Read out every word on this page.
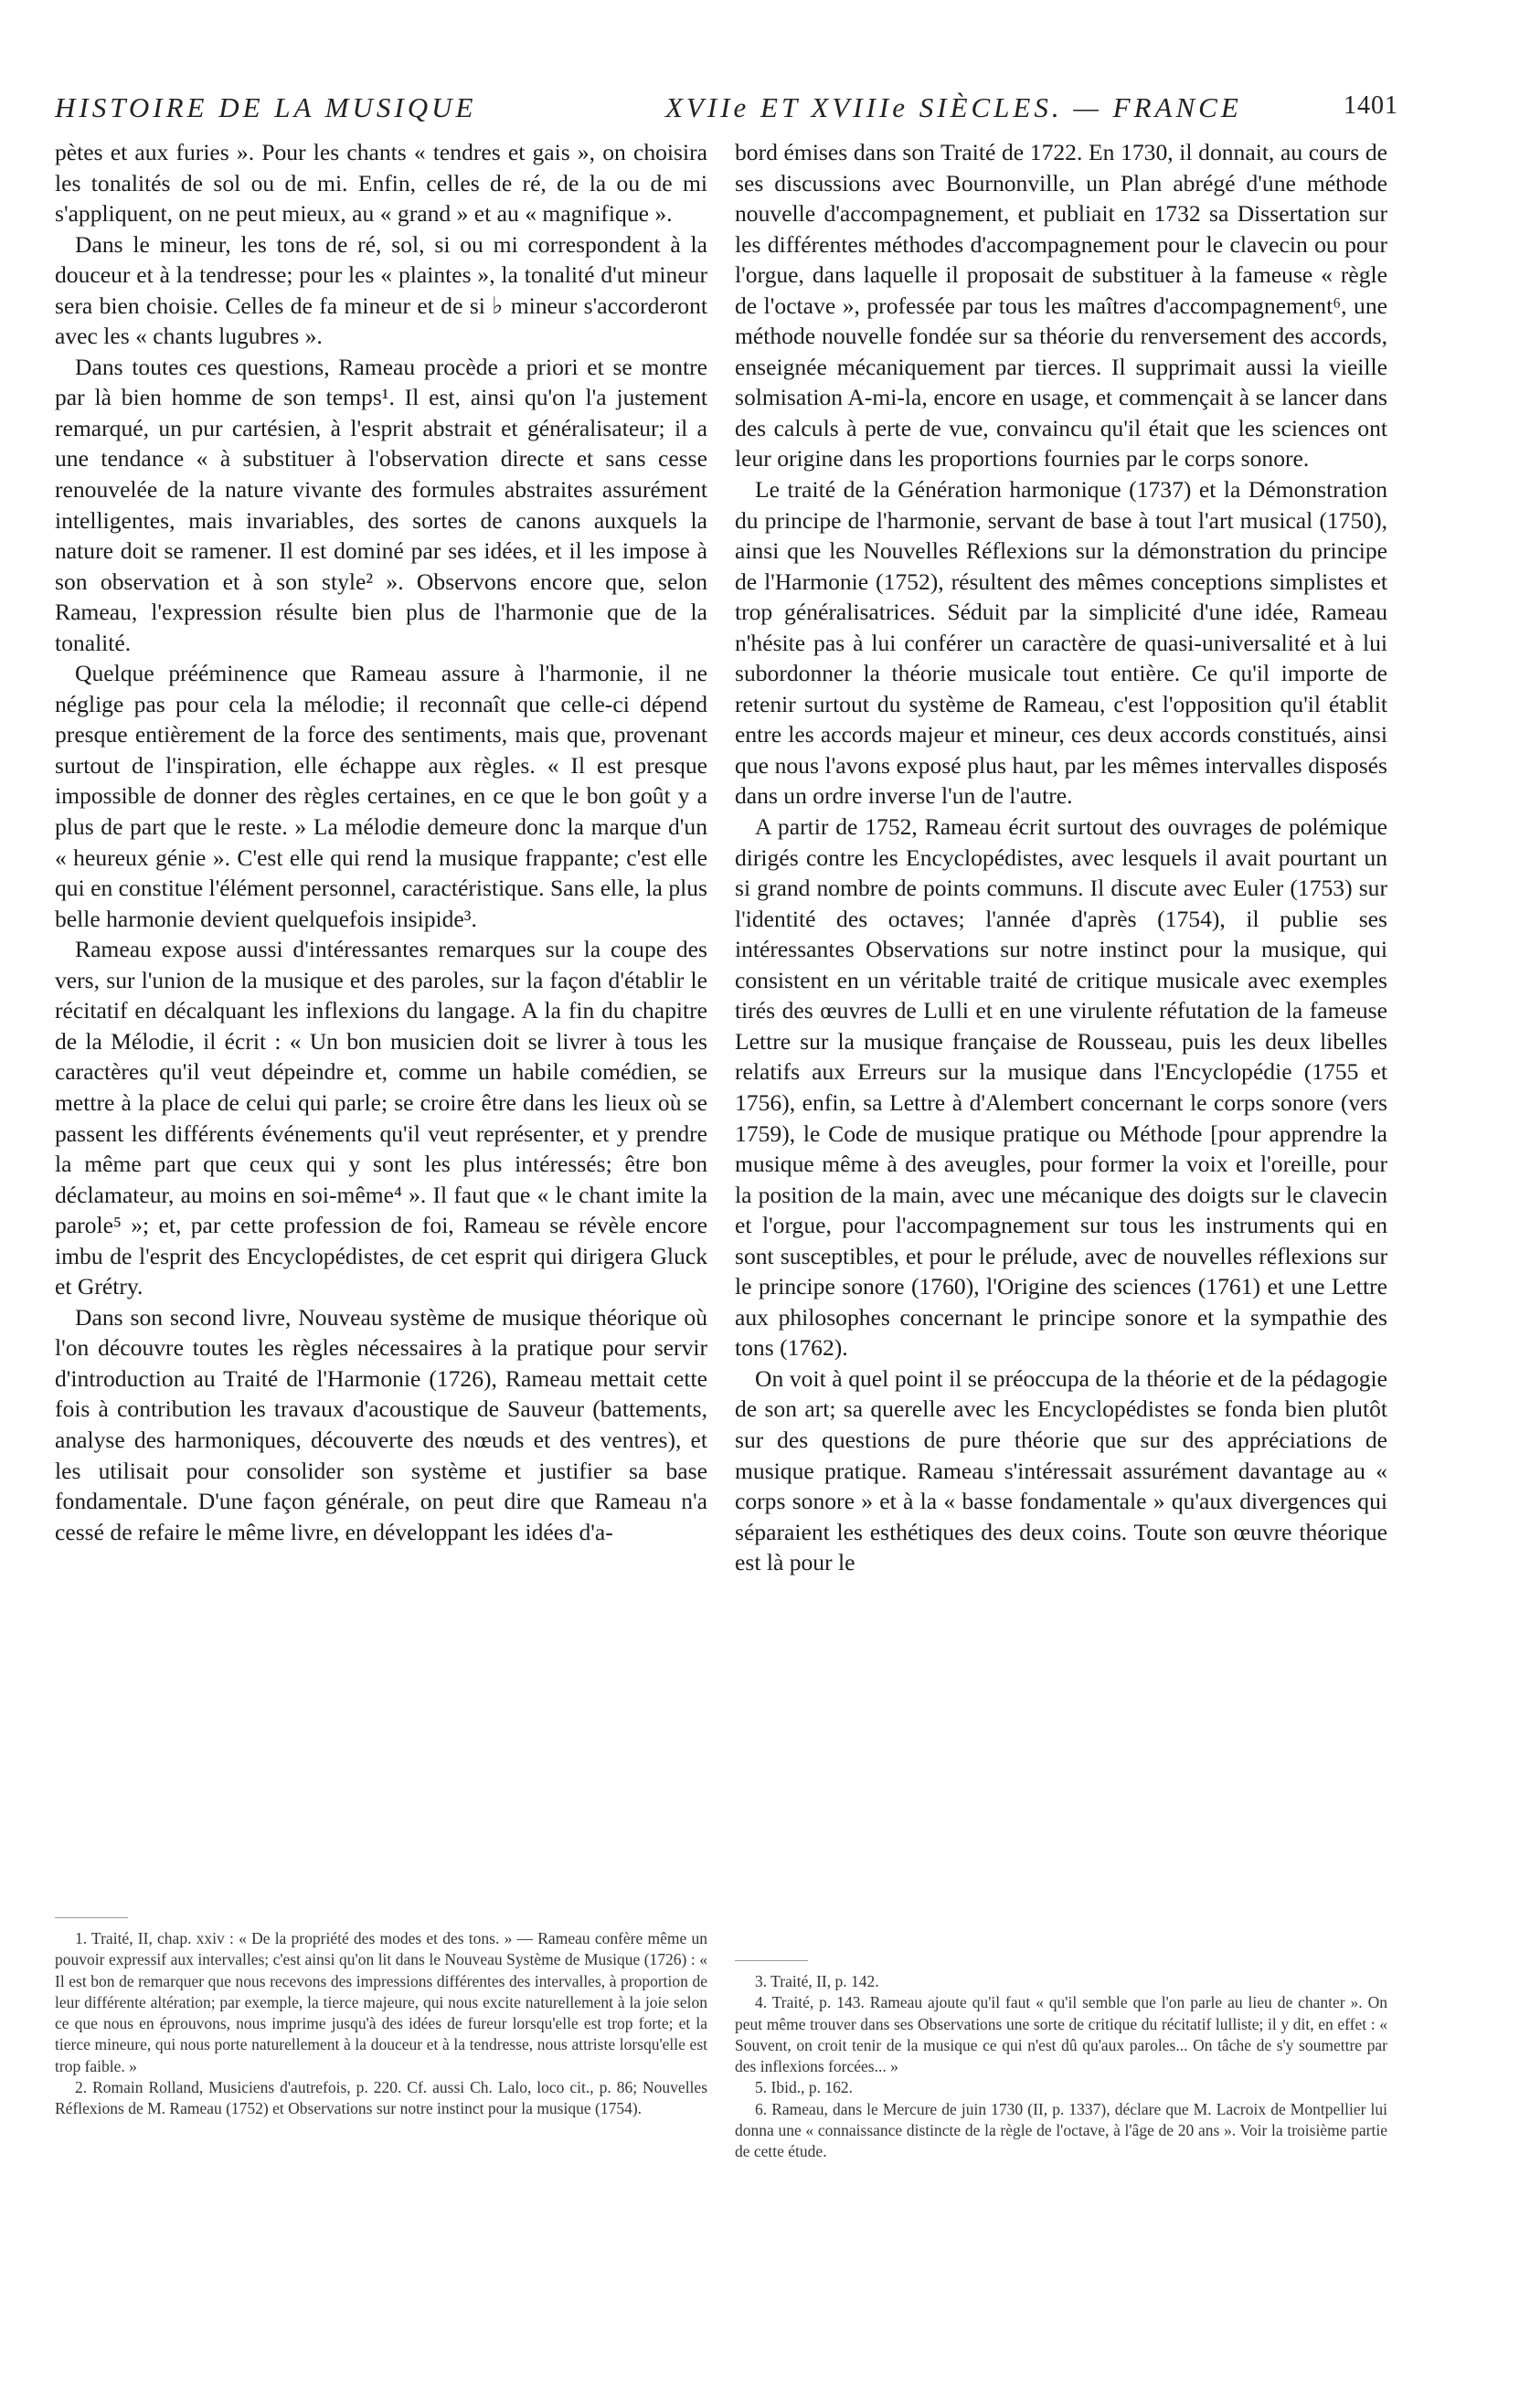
HISTOIRE DE LA MUSIQUE	XVIIe ET XVIIIe SIÈCLES. — FRANCE	1401

pètes et aux furies ». Pour les chants « tendres et gais », on choisira les tonalités de sol ou de mi. Enfin, celles de ré, de la ou de mi s'appliquent, on ne peut mieux, au « grand » et au « magnifique ».

Dans le mineur, les tons de ré, sol, si ou mi correspondent à la douceur et à la tendresse; pour les « plaintes », la tonalité d'ut mineur sera bien choisie. Celles de fa mineur et de si ♭ mineur s'accorderont avec les « chants lugubres ».

Dans toutes ces questions, Rameau procède a priori et se montre par là bien homme de son temps¹. Il est, ainsi qu'on l'a justement remarqué, un pur cartésien, à l'esprit abstrait et généralisateur; il a une tendance « à substituer à l'observation directe et sans cesse renouvelée de la nature vivante des formules abstraites assurément intelligentes, mais invariables, des sortes de canons auxquels la nature doit se ramener. Il est dominé par ses idées, et il les impose à son observation et à son style² ». Observons encore que, selon Rameau, l'expression résulte bien plus de l'harmonie que de la tonalité.

Quelque prééminence que Rameau assure à l'harmonie, il ne néglige pas pour cela la mélodie; il reconnaît que celle-ci dépend presque entièrement de la force des sentiments, mais que, provenant surtout de l'inspiration, elle échappe aux règles. « Il est presque impossible de donner des règles certaines, en ce que le bon goût y a plus de part que le reste. » La mélodie demeure donc la marque d'un « heureux génie ». C'est elle qui rend la musique frappante; c'est elle qui en constitue l'élément personnel, caractéristique. Sans elle, la plus belle harmonie devient quelquefois insipide³.

Rameau expose aussi d'intéressantes remarques sur la coupe des vers, sur l'union de la musique et des paroles, sur la façon d'établir le récitatif en décalquant les inflexions du langage. A la fin du chapitre de la Mélodie, il écrit : « Un bon musicien doit se livrer à tous les caractères qu'il veut dépeindre et, comme un habile comédien, se mettre à la place de celui qui parle; se croire être dans les lieux où se passent les différents événements qu'il veut représenter, et y prendre la même part que ceux qui y sont les plus intéressés; être bon déclamateur, au moins en soi-même⁴ ». Il faut que « le chant imite la parole⁵ »; et, par cette profession de foi, Rameau se révèle encore imbu de l'esprit des Encyclopédistes, de cet esprit qui dirigera Gluck et Grétry.

Dans son second livre, Nouveau système de musique théorique où l'on découvre toutes les règles nécessaires à la pratique pour servir d'introduction au Traité de l'Harmonie (1726), Rameau mettait cette fois à contribution les travaux d'acoustique de Sauveur (battements, analyse des harmoniques, découverte des nœuds et des ventres), et les utilisait pour consolider son système et justifier sa base fondamentale. D'une façon générale, on peut dire que Rameau n'a cessé de refaire le même livre, en développant les idées d'a-

bord émises dans son Traité de 1722. En 1730, il donnait, au cours de ses discussions avec Bournonville, un Plan abrégé d'une méthode nouvelle d'accompagnement, et publiait en 1732 sa Dissertation sur les différentes méthodes d'accompagnement pour le clavecin ou pour l'orgue, dans laquelle il proposait de substituer à la fameuse « règle de l'octave », professée par tous les maîtres d'accompagnement⁶, une méthode nouvelle fondée sur sa théorie du renversement des accords, enseignée mécaniquement par tierces. Il supprimait aussi la vieille solmisation A-mi-la, encore en usage, et commençait à se lancer dans des calculs à perte de vue, convaincu qu'il était que les sciences ont leur origine dans les proportions fournies par le corps sonore.

Le traité de la Génération harmonique (1737) et la Démonstration du principe de l'harmonie, servant de base à tout l'art musical (1750), ainsi que les Nouvelles Réflexions sur la démonstration du principe de l'Harmonie (1752), résultent des mêmes conceptions simplistes et trop généralisatrices. Séduit par la simplicité d'une idée, Rameau n'hésite pas à lui conférer un caractère de quasi-universalité et à lui subordonner la théorie musicale tout entière. Ce qu'il importe de retenir surtout du système de Rameau, c'est l'opposition qu'il établit entre les accords majeur et mineur, ces deux accords constitués, ainsi que nous l'avons exposé plus haut, par les mêmes intervalles disposés dans un ordre inverse l'un de l'autre.

A partir de 1752, Rameau écrit surtout des ouvrages de polémique dirigés contre les Encyclopédistes, avec lesquels il avait pourtant un si grand nombre de points communs. Il discute avec Euler (1753) sur l'identité des octaves; l'année d'après (1754), il publie ses intéressantes Observations sur notre instinct pour la musique, qui consistent en un véritable traité de critique musicale avec exemples tirés des œuvres de Lulli et en une virulente réfutation de la fameuse Lettre sur la musique française de Rousseau, puis les deux libelles relatifs aux Erreurs sur la musique dans l'Encyclopédie (1755 et 1756), enfin, sa Lettre à d'Alembert concernant le corps sonore (vers 1759), le Code de musique pratique ou Méthode [pour apprendre la musique même à des aveugles, pour former la voix et l'oreille, pour la position de la main, avec une mécanique des doigts sur le clavecin et l'orgue, pour l'accompagnement sur tous les instruments qui en sont susceptibles, et pour le prélude, avec de nouvelles réflexions sur le principe sonore (1760), l'Origine des sciences (1761) et une Lettre aux philosophes concernant le principe sonore et la sympathie des tons (1762).

On voit à quel point il se préoccupa de la théorie et de la pédagogie de son art; sa querelle avec les Encyclopédistes se fonda bien plutôt sur des questions de pure théorie que sur des appréciations de musique pratique. Rameau s'intéressait assurément davantage au « corps sonore » et à la « basse fondamentale » qu'aux divergences qui séparaient les esthétiques des deux coins. Toute son œuvre théorique est là pour le

1. Traité, II, chap. xxiv : « De la propriété des modes et des tons. » — Rameau confère même un pouvoir expressif aux intervalles; c'est ainsi qu'on lit dans le Nouveau Système de Musique (1726) : « Il est bon de remarquer que nous recevons des impressions différentes des intervalles, à proportion de leur différente altération; par exemple, la tierce majeure, qui nous excite naturellement à la joie selon ce que nous en éprouvons, nous imprime jusqu'à des idées de fureur lorsqu'elle est trop forte; et la tierce mineure, qui nous porte naturellement à la douceur et à la tendresse, nous attriste lorsqu'elle est trop faible. »

2. Romain Rolland, Musiciens d'autrefois, p. 220. Cf. aussi Ch. Lalo, loco cit., p. 86; Nouvelles Réflexions de M. Rameau (1752) et Observations sur notre instinct pour la musique (1754).

3. Traité, II, p. 142.

4. Traité, p. 143. Rameau ajoute qu'il faut « qu'il semble que l'on parle au lieu de chanter ». On peut même trouver dans ses Observations une sorte de critique du récitatif lulliste; il y dit, en effet : « Souvent, on croit tenir de la musique ce qui n'est dû qu'aux paroles... On tâche de s'y soumettre par des inflexions forcées... »

5. Ibid., p. 162.

6. Rameau, dans le Mercure de juin 1730 (II, p. 1337), déclare que M. Lacroix de Montpellier lui donna une « connaissance distincte de la règle de l'octave, à l'âge de 20 ans ». Voir la troisième partie de cette étude.
